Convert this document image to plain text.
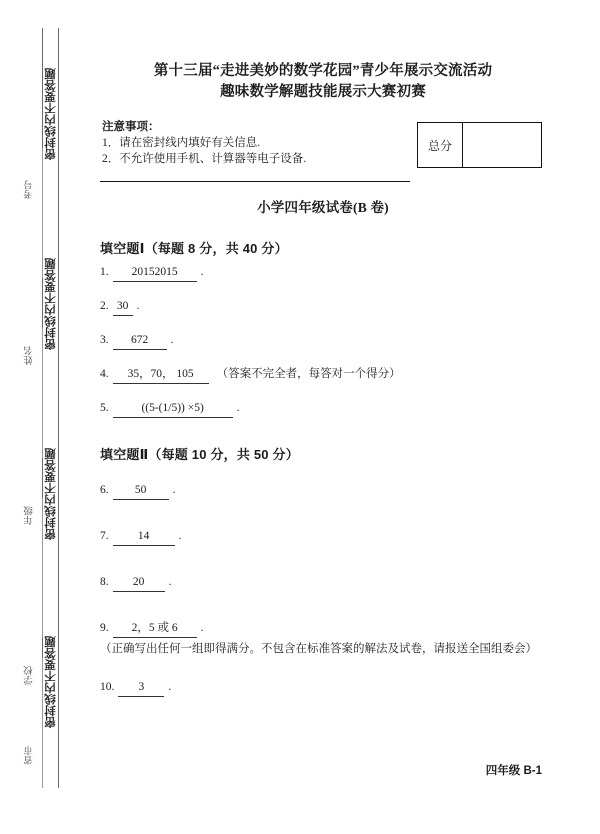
密封线内不要答题
密封线内不要答题
密封线内不要答题
密封线内不要答题
考号
姓名
年级
学校
省市
第十三届“走进美妙的数学花园”青少年展示交流活动
趣味数学解题技能展示大赛初赛
注意事项：
1．请在密封线内填好有关信息.
2．不允许使用手机、计算器等电子设备.
总分
小学四年级试卷(B 卷)
填空题Ⅰ（每题 8 分，共 40 分）
1.	20152015	.
2. 30 .
3.	672	.
4.	35，70， 105	（答案不完全者，每答对一个得分）
5.	((5-(1/5)) ×5)	.
填空题Ⅱ（每题 10 分，共 50 分）
6.	50	.
7.	14	.
8.	20	.
9.	2，5 或 6	.
（正确写出任何一组即得满分。不包含在标准答案的解法及试卷，请报送全国组委会）
10.	3	.
四年级 B-1
